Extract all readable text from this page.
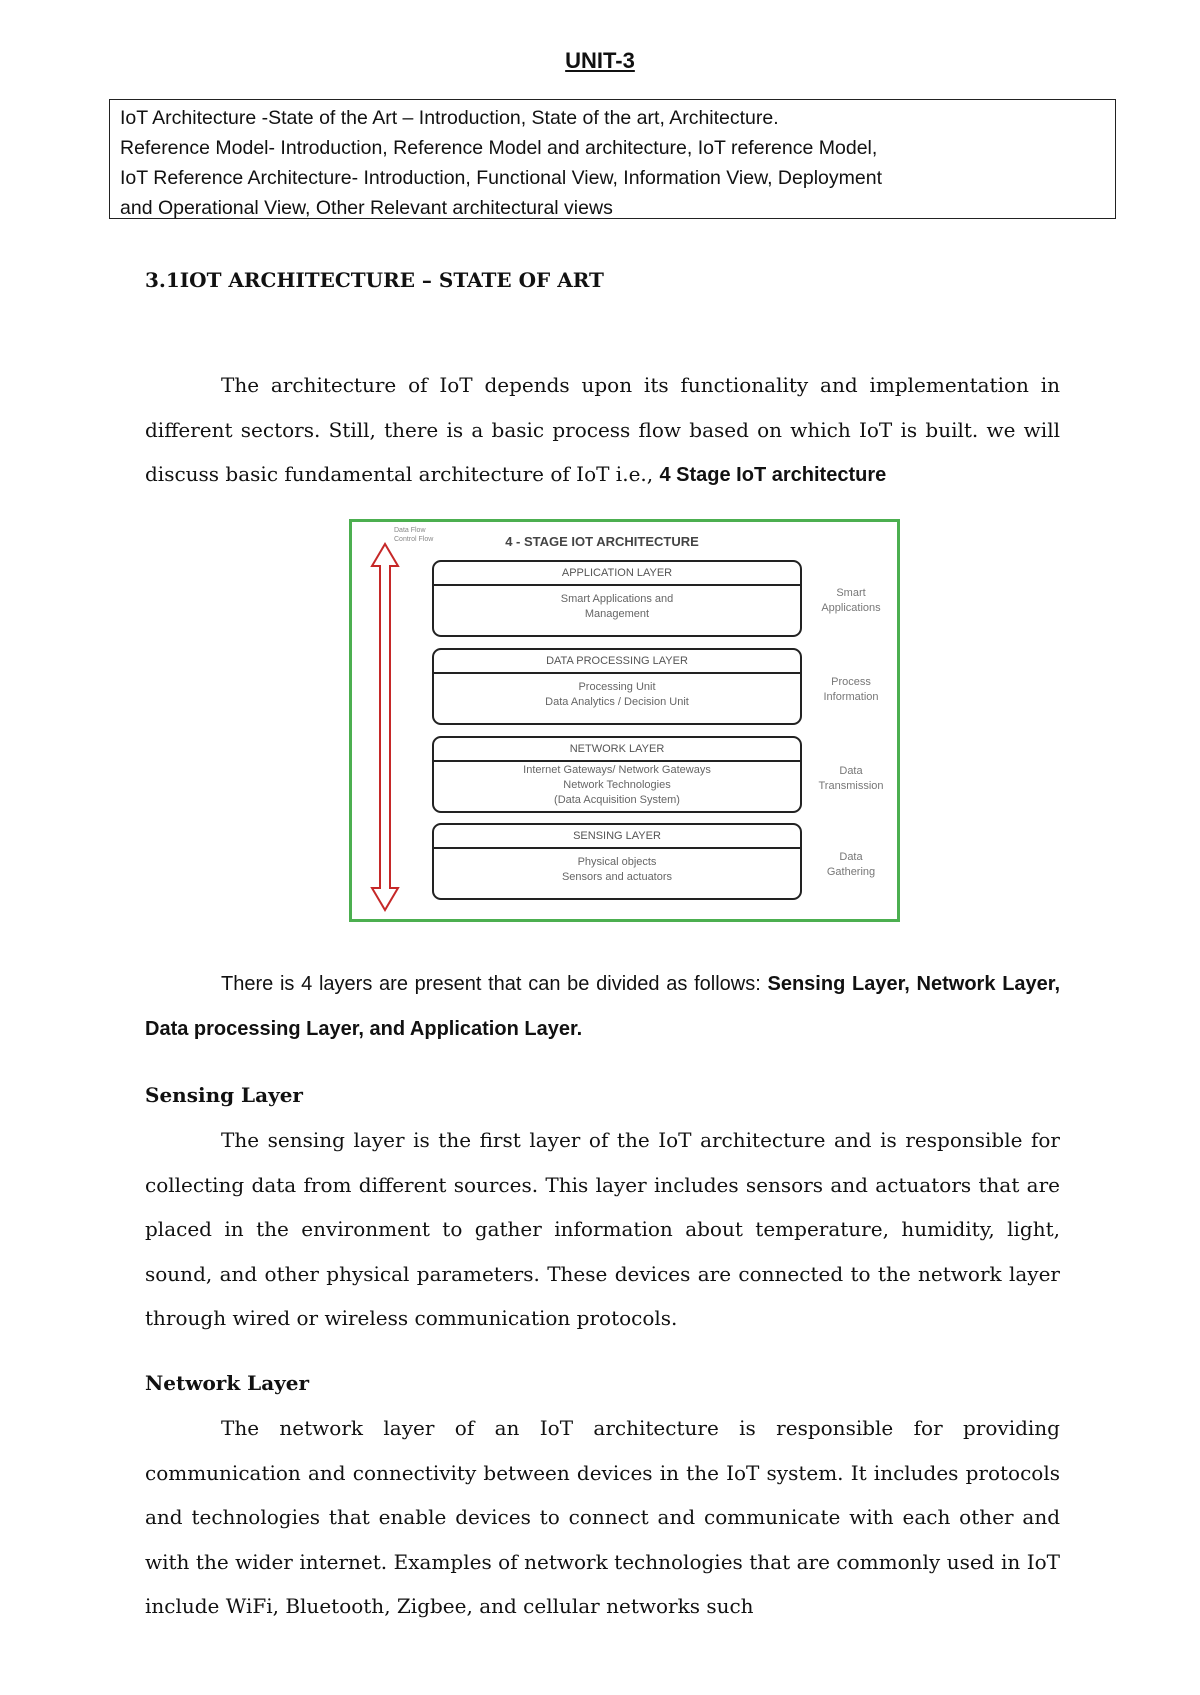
UNIT-3
IoT Architecture -State of the Art – Introduction, State of the art, Architecture.
Reference Model- Introduction, Reference Model and architecture, IoT reference Model,
IoT Reference Architecture- Introduction, Functional View, Information View, Deployment
and Operational View, Other Relevant architectural views
3.1IOT ARCHITECTURE – STATE OF ART
The architecture of IoT depends upon its functionality and implementation in different sectors. Still, there is a basic process flow based on which IoT is built. we will discuss basic fundamental architecture of IoT i.e., 4 Stage IoT architecture
Data Flow
Control Flow	4 - STAGE IOT ARCHITECTURE
APPLICATION LAYER
Smart Applications and
Management
Smart
Applications
DATA PROCESSING LAYER
Processing Unit
Data Analytics / Decision Unit
Process
Information
NETWORK LAYER
Internet Gateways/ Network Gateways
Network Technologies
(Data Acquisition System)
Data
Transmission
SENSING LAYER
Physical objects
Sensors and actuators
Data
Gathering
There is 4 layers are present that can be divided as follows: Sensing Layer, Network Layer, Data processing Layer, and Application Layer.
Sensing Layer
The sensing layer is the first layer of the IoT architecture and is responsible for collecting data from different sources. This layer includes sensors and actuators that are placed in the environment to gather information about temperature, humidity, light, sound, and other physical parameters. These devices are connected to the network layer through wired or wireless communication protocols.
Network Layer
The network layer of an IoT architecture is responsible for providing communication and connectivity between devices in the IoT system. It includes protocols and technologies that enable devices to connect and communicate with each other and with the wider internet. Examples of network technologies that are commonly used in IoT include WiFi, Bluetooth, Zigbee, and cellular networks such
